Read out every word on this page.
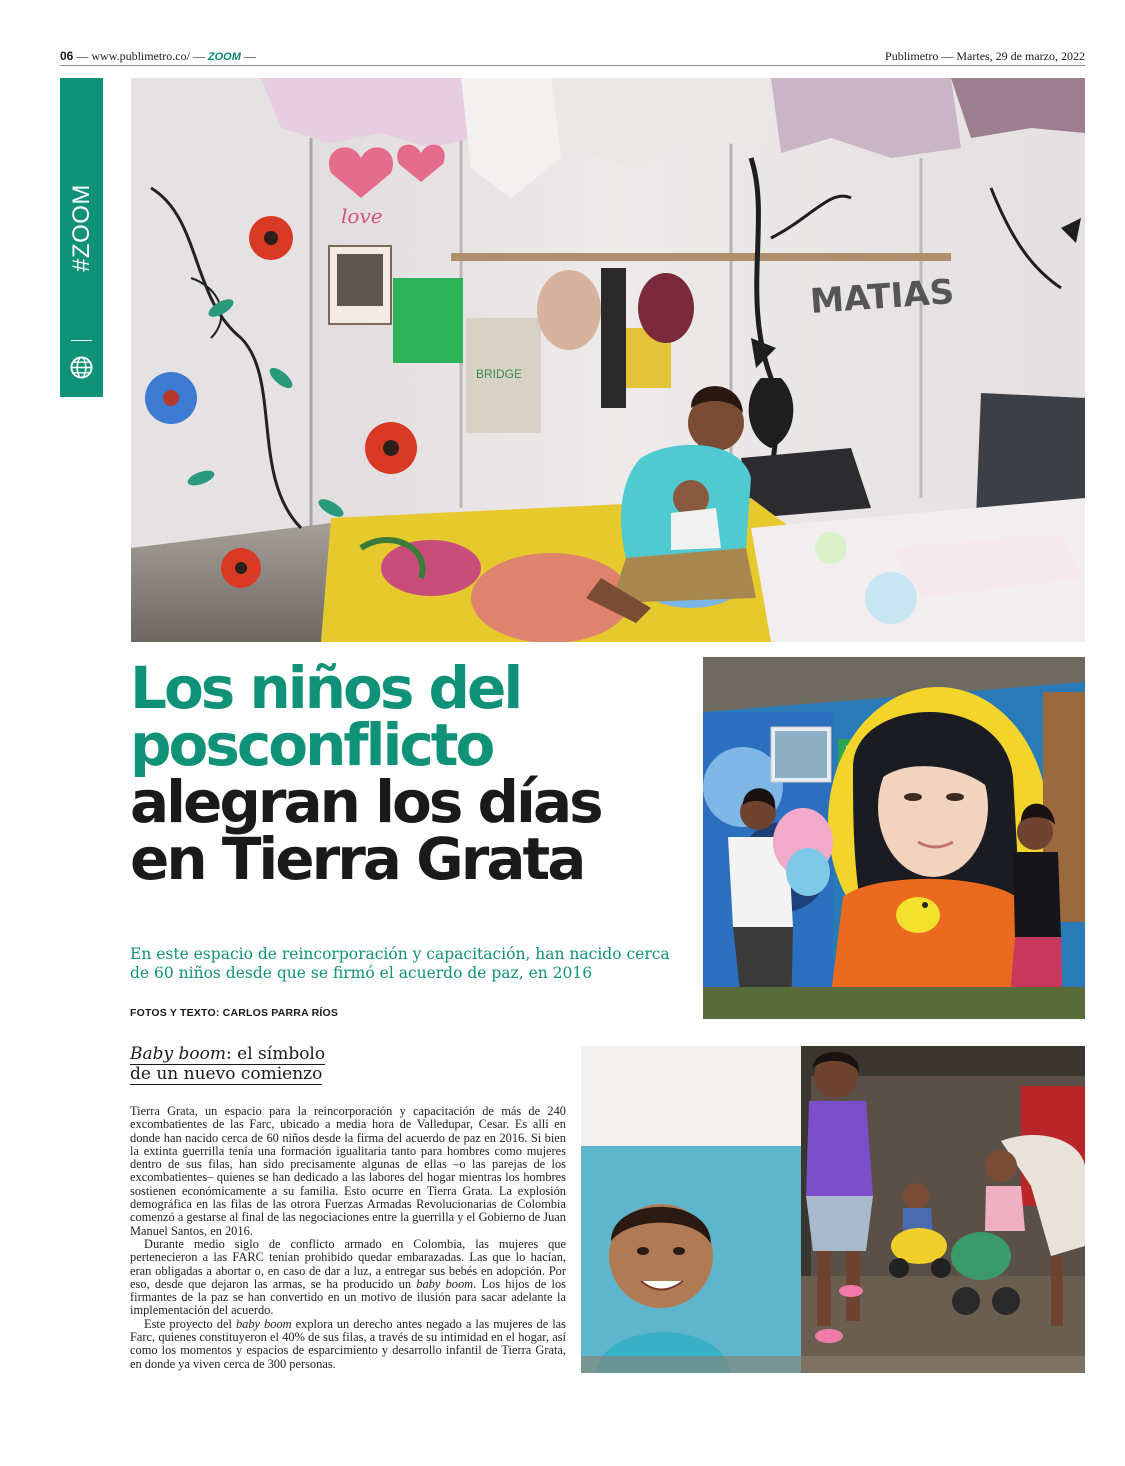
06 — www.publimetro.co/ — ZOOM —	Publimetro — Martes, 29 de marzo, 2022
#ZOOM	love
BRIDGE
MATIAS
Los niños del
posconflicto
alegran los días
en Tierra Grata
En este espacio de reincorporación y capacitación, han nacido cerca de 60 niños desde que se firmó el acuerdo de paz, en 2016
FOTOS Y TEXTO: CARLOS PARRA RÍOS
Baby boom: el símbolo
de un nuevo comienzo

Tierra Grata, un espacio para la reincorporación y capacitación de más de 240 excombatientes de las Farc, ubicado a media hora de Valledupar, Cesar. Es allí en donde han nacido cerca de 60 niños desde la firma del acuerdo de paz en 2016. Si bien la extinta guerrilla tenía una formación igualitaria tanto para hombres como mujeres dentro de sus filas, han sido precisamente algunas de ellas –o las parejas de los excombatientes– quienes se han dedicado a las labores del hogar mientras los hombres sostienen económicamente a su familia. Esto ocurre en Tierra Grata. La explosión demográfica en las filas de las otrora Fuerzas Armadas Revolucionarias de Colombia comenzó a gestarse al final de las negociaciones entre la guerrilla y el Gobierno de Juan Manuel Santos, en 2016.

Durante medio siglo de conflicto armado en Colombia, las mujeres que pertenecieron a las FARC tenían prohibido quedar embarazadas. Las que lo hacían, eran obligadas a abortar o, en caso de dar a luz, a entregar sus bebés en adopción. Por eso, desde que dejaron las armas, se ha producido un baby boom. Los hijos de los firmantes de la paz se han convertido en un motivo de ilusión para sacar adelante la implementación del acuerdo.

Este proyecto del baby boom explora un derecho antes negado a las mujeres de las Farc, quienes constituyeron el 40% de sus filas, a través de su intimidad en el hogar, así como los momentos y espacios de esparcimiento y desarrollo infantil de Tierra Grata, en donde ya viven cerca de 300 personas.
